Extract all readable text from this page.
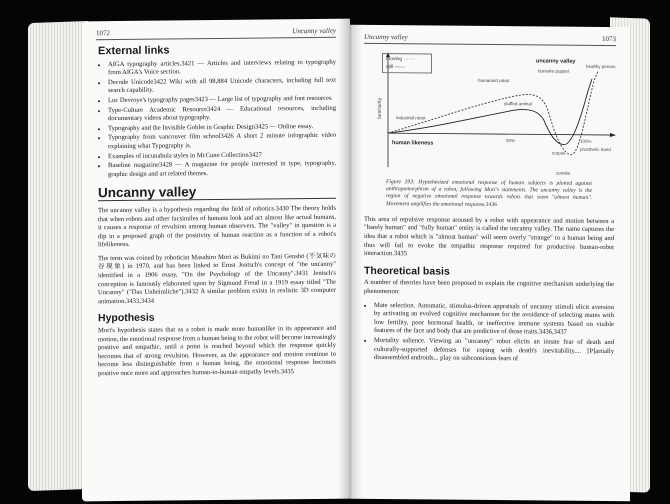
1072	Uncanny valley
External links
• AIGA typography articles.3421 — Articles and interviews relating to typography from AIGA's Voice section.
• Decode Unicode3422 Wiki with all 98,884 Unicode characters, including full text search capability.
• Luc Devroye's typography pages3423 — Large list of typography and font resources
• Type-Culture Academic Resource3424 — Educational resources, including documentary videos about typography.
• Typography and the Invisible Goblet in Graphic Design3425 — Online essay.
• Typography from vancouver film school3426 A short 2 minute infographic video explaining what Typography is.
• Examples of incunabula styles in McCune Collection3427
• Baseline magazine3428 — A magazine for people interested in type, typography, graphic design and art related themes.
Uncanny valley

The uncanny valley is a hypothesis regarding the field of robotics.3430 The theory holds that when robots and other facsimiles of humans look and act almost like actual humans, it causes a response of revulsion among human observers. The "valley" in question is a dip in a proposed graph of the positivity of human reaction as a function of a robot's lifelikeness.

The term was coined by roboticist Masahiro Mori as Bukimi no Tani Genshō (不気味の谷現象) in 1970, and has been linked to Ernst Jentsch's concept of "the uncanny" identified in a 1906 essay, "On the Psychology of the Uncanny".3431 Jentsch's conception is famously elaborated upon by Sigmund Freud in a 1919 essay titled "The Uncanny" ("Das Unheimliche").3432 A similar problem exists in realistic 3D computer animation.3433,3434

Hypothesis

Mori's hypothesis states that as a robot is made more humanlike in its appearance and motion, the emotional response from a human being to the robot will become increasingly positive and empathic, until a point is reached beyond which the response quickly becomes that of strong revulsion. However, as the appearance and motion continue to become less distinguishable from a human being, the emotional response becomes positive once more and approaches human-to-human empathy levels.3435

Uncanny valley	1073
familiarity
human likeness	50%	100%
uncanny valley
bunraku puppet
healthy person
humanoid robot
stuffed animal
industrial robot
corpse
prosthetic hand
zombie
moving ·······
still ——
Figure 393: Hypothesized emotional response of human subjects is plotted against anthropomorphism of a robot, following Mori's statements. The uncanny valley is the region of negative emotional response towards robots that seem "almost human". Movement amplifies the emotional response.3436

This area of repulsive response aroused by a robot with appearance and motion between a "barely human" and "fully human" entity is called the uncanny valley. The name captures the idea that a robot which is "almost human" will seem overly "strange" to a human being and thus will fail to evoke the empathic response required for productive human-robot interaction.3435

Theoretical basis

A number of theories have been proposed to explain the cognitive mechanism underlying the phenomenon:

• Mate selection. Automatic, stimulus-driven appraisals of uncanny stimuli elicit aversion by activating an evolved cognitive mechanism for the avoidance of selecting mates with low fertility, poor hormonal health, or ineffective immune systems based on visible features of the face and body that are predictive of those traits.3436,3437
• Mortality salience. Viewing an "uncanny" robot elicits an innate fear of death and culturally-supported defenses for coping with death's inevitability.... [P]artially disassembled androids... play on subconscious fears of
